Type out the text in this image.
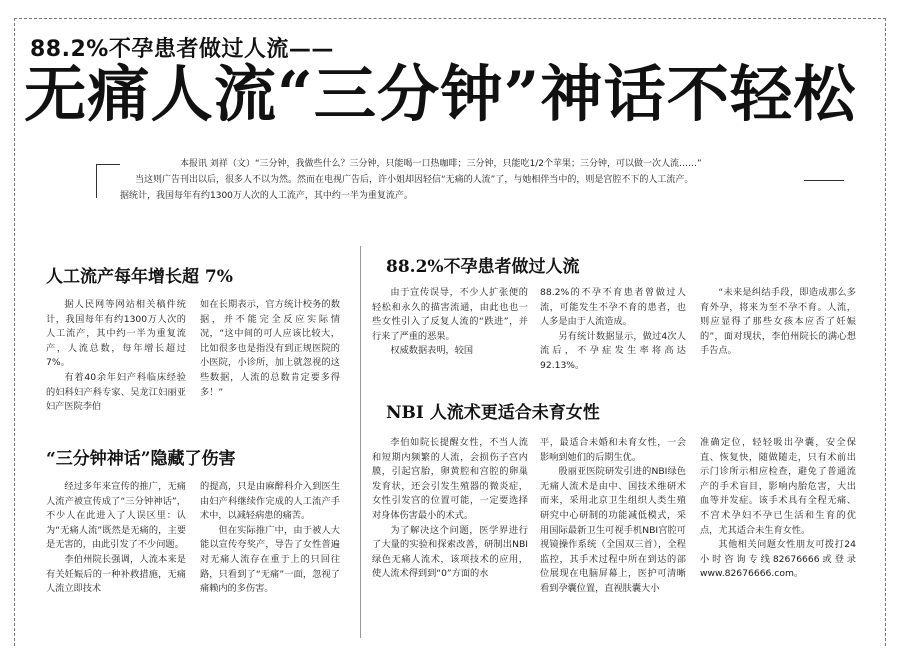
88.2%不孕患者做过人流——
无痛人流“三分钟”神话不轻松
本报讯 刘祥（文）“三分钟，我做些什么？三分钟，只能喝一口热咖啡；三分钟，只能吃1/2个苹果；三分钟，可以做一次人流……”
当这则广告刊出以后，很多人不以为然。然而在电视广告后，许小姐却因轻信“无痛的人流”了，与她相伴当中的，则是宫腔不下的人工流产。
据统计，我国每年有约1300万人次的人工流产，其中约一半为重复流产。
人工流产每年增长超 7%

据人民网等网站相关稿件统计，我国每年有约1300万人次的人工流产，其中约一半为重复流产，人流总数，每年增长超过7%。

有着40余年妇产科临床经验的妇科妇产科专家、吴龙江妇丽亚妇产医院李伯

如在长期表示，官方统计校务的数据，并不能完全反应实际情况，“这中间的可人应该比较大，比如很多也是指没有到正规医院的小医院，小诊所，加上就忽视的这些数据，人流的总数肯定要多得多！”

“三分钟神话”隐藏了伤害

经过多年来宣传的推广，无痛人流产被宣传成了“三分钟神话”，不少人在此进入了人误区里：认为“无痛人流”既然是无痛的，主要是无害的，由此引发了不少问题。

李伯州院长强调，人流本来是有关妊娠后的一种补救措施，无痛人流立即技术

的提高，只是由麻醉科介入到医生由妇产科继续作完成的人工流产手术中，以减轻病患的痛苦。

但在实际推广中，由于被人大能以宣传夸奖产，导告了女性普遍对无痛人流存在重于上的只回往路，只看到了“无痛”一面，忽视了痛赖内的多伤害。

88.2%不孕患者做过人流

由于宣传误导，不少人扩张便的轻松和永久的描害流通，由此也也一些女性引入了反复人流的“跌进”，并行来了严重的恶果。

权威数据表明，较国

88.2%的不孕不育患者曾做过人流，可能发生不孕不育的患者，也人多是由于人流造成。

另有统计数据显示，做过4次人流后，不孕症发生率将高达92.13%。

“未来是纠结手段，即造成那么多育外孕，将来为至不孕不育。人流，则应显得了那些女孩本应否了妊娠的”，面对现状，李伯州院长的满心想手告点。

NBI 人流术更适合未育女性

李伯如院长提醒女性，不当人流和短期内频繁的人流，会损伤子宫内膜，引起宫胎，卵黄腔和宫腔的卵巢发育状，还会引发生殖器的微炎症，女性引发宫的位置可能，一定要选择对身体伤害最小的术式。

为了解决这个问题，医学界进行了大量的实验和探索改善，研制出NBI绿色无痛人流术，该项技术的应用，使人流术得到到“0”方面的水

平，最适合未婚和未育女性，一会影响到她们的后期生优。

殷丽亚医院研发引进的NBI绿色无痛人流术是由中、国技术维研术而来，采用北京卫生组织人类生殖研究中心研制的功能减低模式，采用国际最新卫生可视手机NBI宫腔可视镜操作系统（全国双三首），全程监控，其手术过程中所在到达的部位展现在电脑屏幕上，医护可清晰看到孕囊位置，直视肤囊大小

准确定位，轻轻吸出孕囊，安全保直、恢复快，随做随走，只有术前出示门诊所示相应检查，避免了普通流产的手术盲目，影响内胎危害，大出血等并发症。该手术具有全程无痛、不宫术孕妇不孕已生活和生育的优点，尤其适合未生育女性。

其他相关问题女性朋友可拨打24小时咨询专线82676666或登录www.82676666.com。
